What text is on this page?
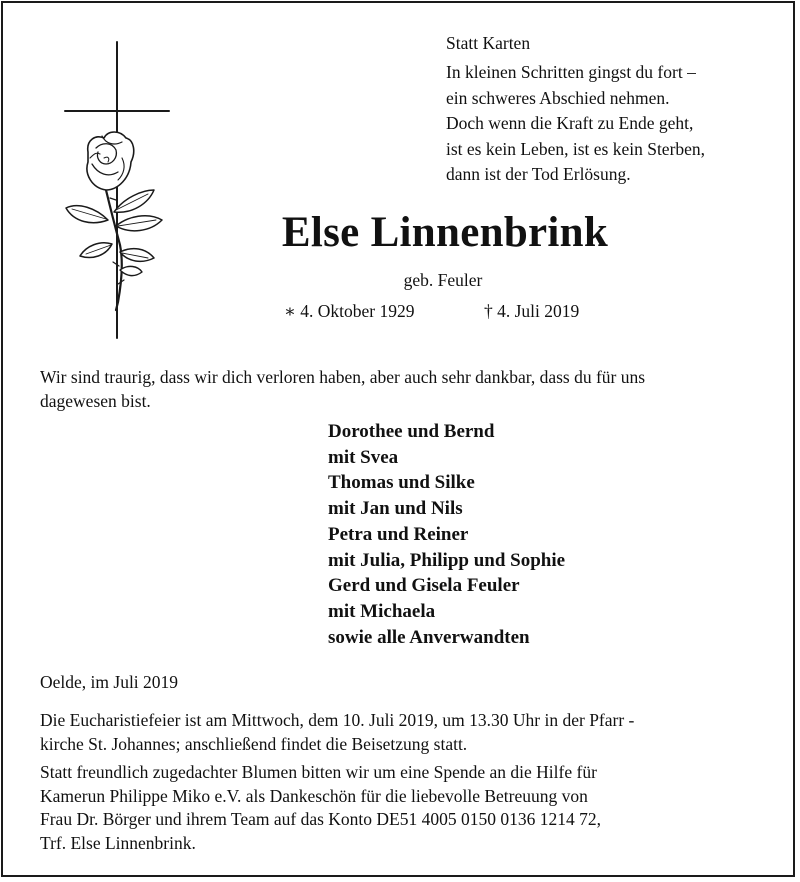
Statt Karten
In kleinen Schritten gingst du fort –
ein schweres Abschied nehmen.
Doch wenn die Kraft zu Ende geht,
ist es kein Leben, ist es kein Sterben,
dann ist der Tod Erlösung.
Else Linnenbrink
geb. Feuler
∗ 4. Oktober 1929	† 4. Juli 2019
Wir sind traurig, dass wir dich verloren haben, aber auch sehr dankbar, dass du für uns
dagewesen bist.
Dorothee und Bernd
mit Svea
Thomas und Silke
mit Jan und Nils
Petra und Reiner
mit Julia, Philipp und Sophie
Gerd und Gisela Feuler
mit Michaela
sowie alle Anverwandten
Oelde, im Juli 2019
Die Eucharistiefeier ist am Mittwoch, dem 10. Juli 2019, um 13.30 Uhr in der Pfarr -
kirche St. Johannes; anschließend findet die Beisetzung statt.
Statt freundlich zugedachter Blumen bitten wir um eine Spende an die Hilfe für
Kamerun Philippe Miko e.V. als Dankeschön für die liebevolle Betreuung von
Frau Dr. Börger und ihrem Team auf das Konto DE51 4005 0150 0136 1214 72,
Trf. Else Linnenbrink.
